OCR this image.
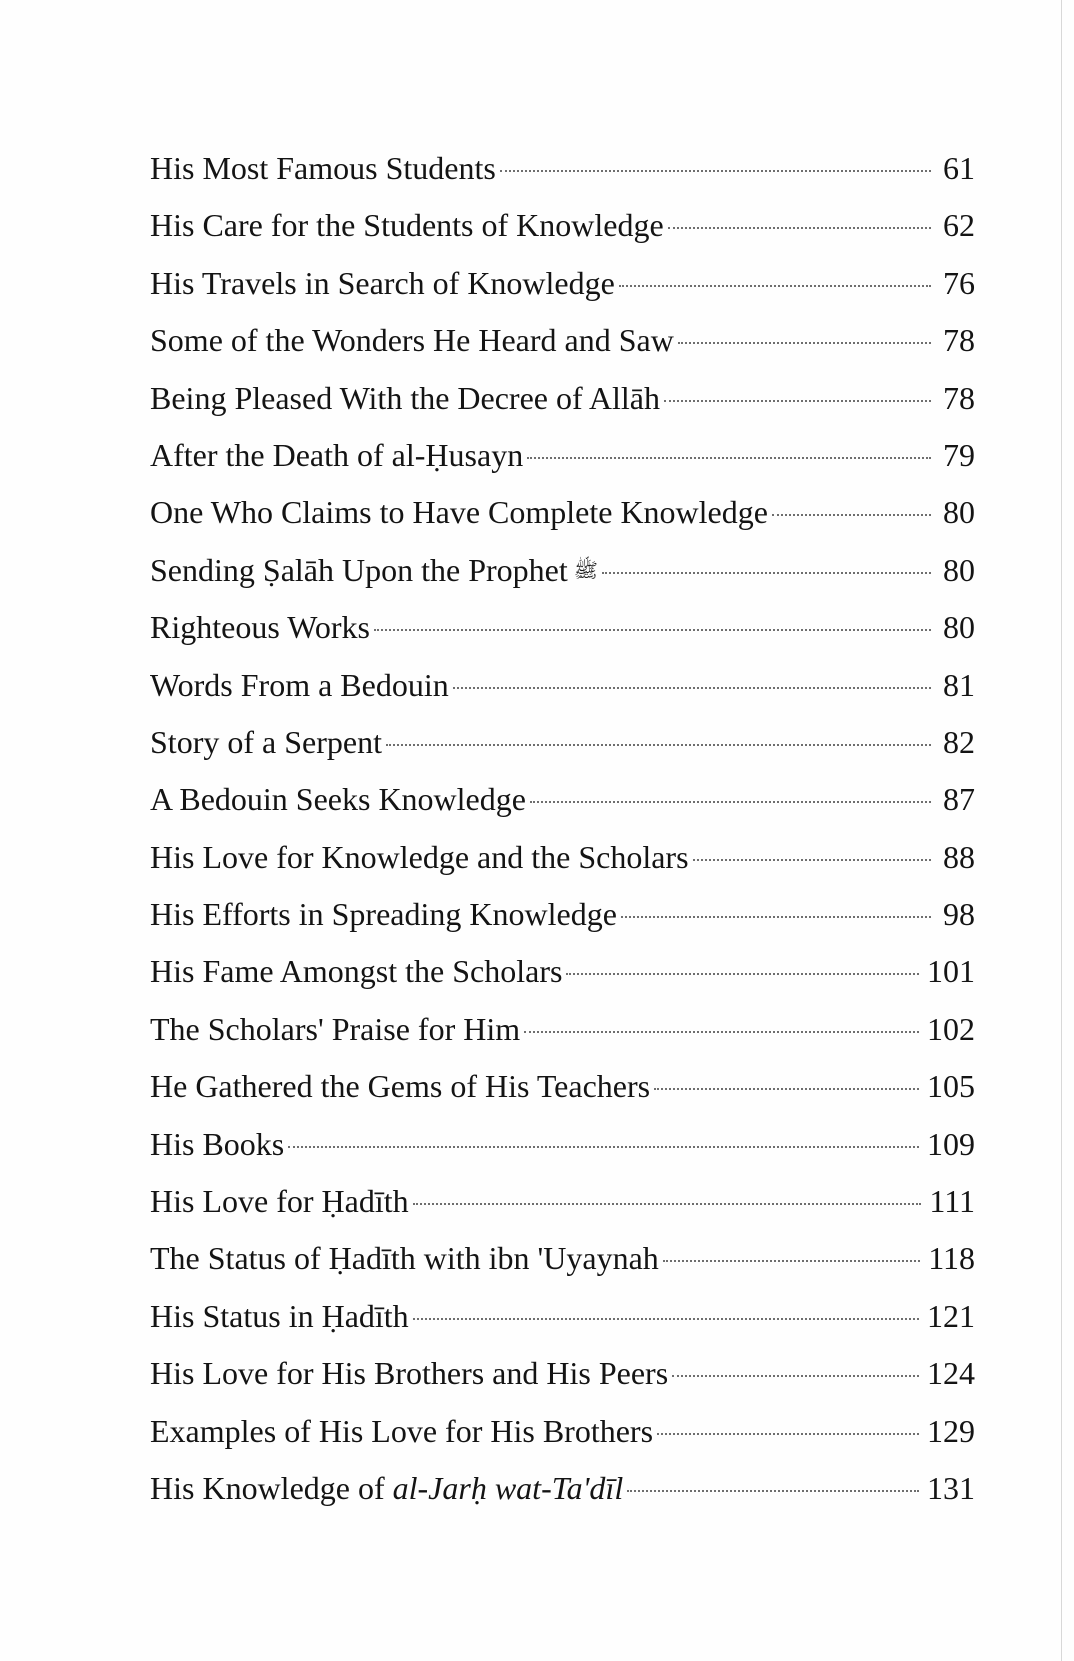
His Most Famous Students	61
His Care for the Students of Knowledge	62
His Travels in Search of Knowledge	76
Some of the Wonders He Heard and Saw	78
Being Pleased With the Decree of Allāh	78
After the Death of al-Ḥusayn	79
One Who Claims to Have Complete Knowledge	80
Sending Ṣalāh Upon the Prophet ﷺ	80
Righteous Works	80
Words From a Bedouin	81
Story of a Serpent	82
A Bedouin Seeks Knowledge	87
His Love for Knowledge and the Scholars	88
His Efforts in Spreading Knowledge	98
His Fame Amongst the Scholars	101
The Scholars' Praise for Him	102
He Gathered the Gems of His Teachers	105
His Books	109
His Love for Ḥadīth	111
The Status of Ḥadīth with ibn 'Uyaynah	118
His Status in Ḥadīth	121
His Love for His Brothers and His Peers	124
Examples of His Love for His Brothers	129
His Knowledge of al-Jarḥ wat-Ta'dīl	131
